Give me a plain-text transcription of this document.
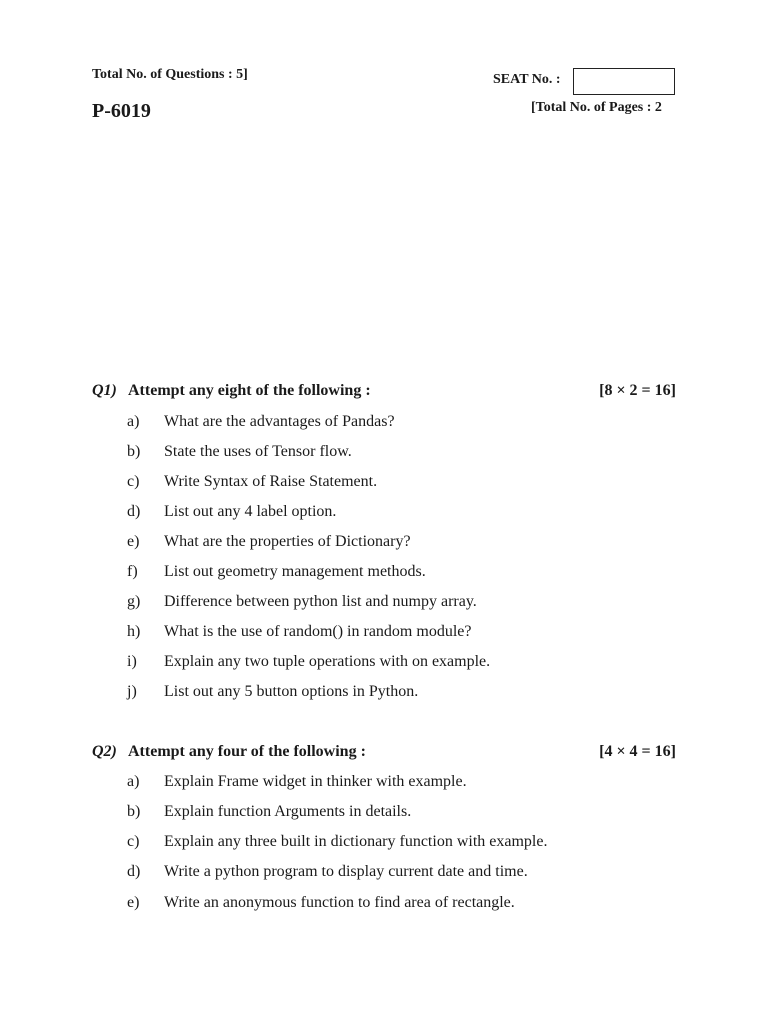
Total No. of Questions : 5]
P-6019
SEAT No. :
[Total No. of Pages : 2
Q1) Attempt any eight of the following :	[8 × 2 = 16]
a) What are the advantages of Pandas?
b) State the uses of Tensor flow.
c) Write Syntax of Raise Statement.
d) List out any 4 label option.
e) What are the properties of Dictionary?
f) List out geometry management methods.
g) Difference between python list and numpy array.
h) What is the use of random() in random module?
i) Explain any two tuple operations with on example.
j) List out any 5 button options in Python.
Q2) Attempt any four of the following :	[4 × 4 = 16]
a) Explain Frame widget in thinker with example.
b) Explain function Arguments in details.
c) Explain any three built in dictionary function with example.
d) Write a python program to display current date and time.
e) Write an anonymous function to find area of rectangle.
